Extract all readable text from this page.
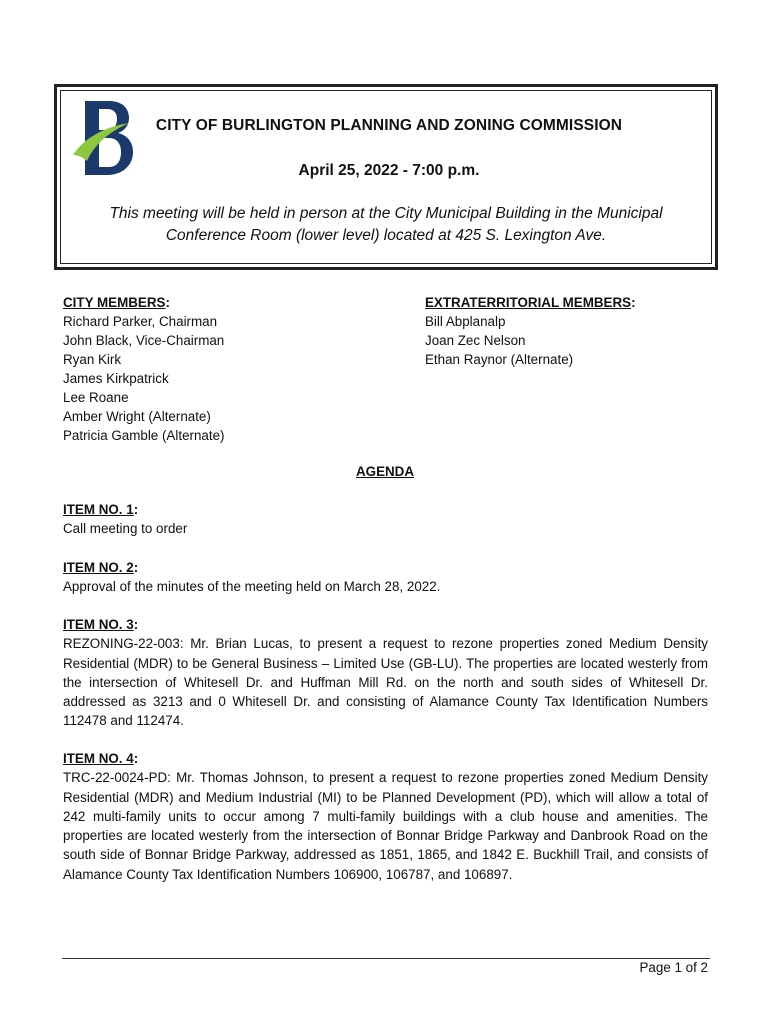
CITY OF BURLINGTON PLANNING AND ZONING COMMISSION
April 25, 2022 - 7:00 p.m.
This meeting will be held in person at the City Municipal Building in the Municipal
Conference Room (lower level) located at 425 S. Lexington Ave.
CITY MEMBERS:
Richard Parker, Chairman
John Black, Vice-Chairman
Ryan Kirk
James Kirkpatrick
Lee Roane
Amber Wright (Alternate)
Patricia Gamble (Alternate)
EXTRATERRITORIAL MEMBERS:
Bill Abplanalp
Joan Zec Nelson
Ethan Raynor (Alternate)
AGENDA
ITEM NO. 1:
Call meeting to order
ITEM NO. 2:
Approval of the minutes of the meeting held on March 28, 2022.
ITEM NO. 3:
REZONING-22-003: Mr. Brian Lucas, to present a request to rezone properties zoned Medium Density Residential (MDR) to be General Business – Limited Use (GB-LU). The properties are located westerly from the intersection of Whitesell Dr. and Huffman Mill Rd. on the north and south sides of Whitesell Dr. addressed as 3213 and 0 Whitesell Dr. and consisting of Alamance County Tax Identification Numbers 112478 and 112474.
ITEM NO. 4:
TRC-22-0024-PD: Mr. Thomas Johnson, to present a request to rezone properties zoned Medium Density Residential (MDR) and Medium Industrial (MI) to be Planned Development (PD), which will allow a total of 242 multi-family units to occur among 7 multi-family buildings with a club house and amenities. The properties are located westerly from the intersection of Bonnar Bridge Parkway and Danbrook Road on the south side of Bonnar Bridge Parkway, addressed as 1851, 1865, and 1842 E. Buckhill Trail, and consists of Alamance County Tax Identification Numbers 106900, 106787, and 106897.
Page 1 of 2
